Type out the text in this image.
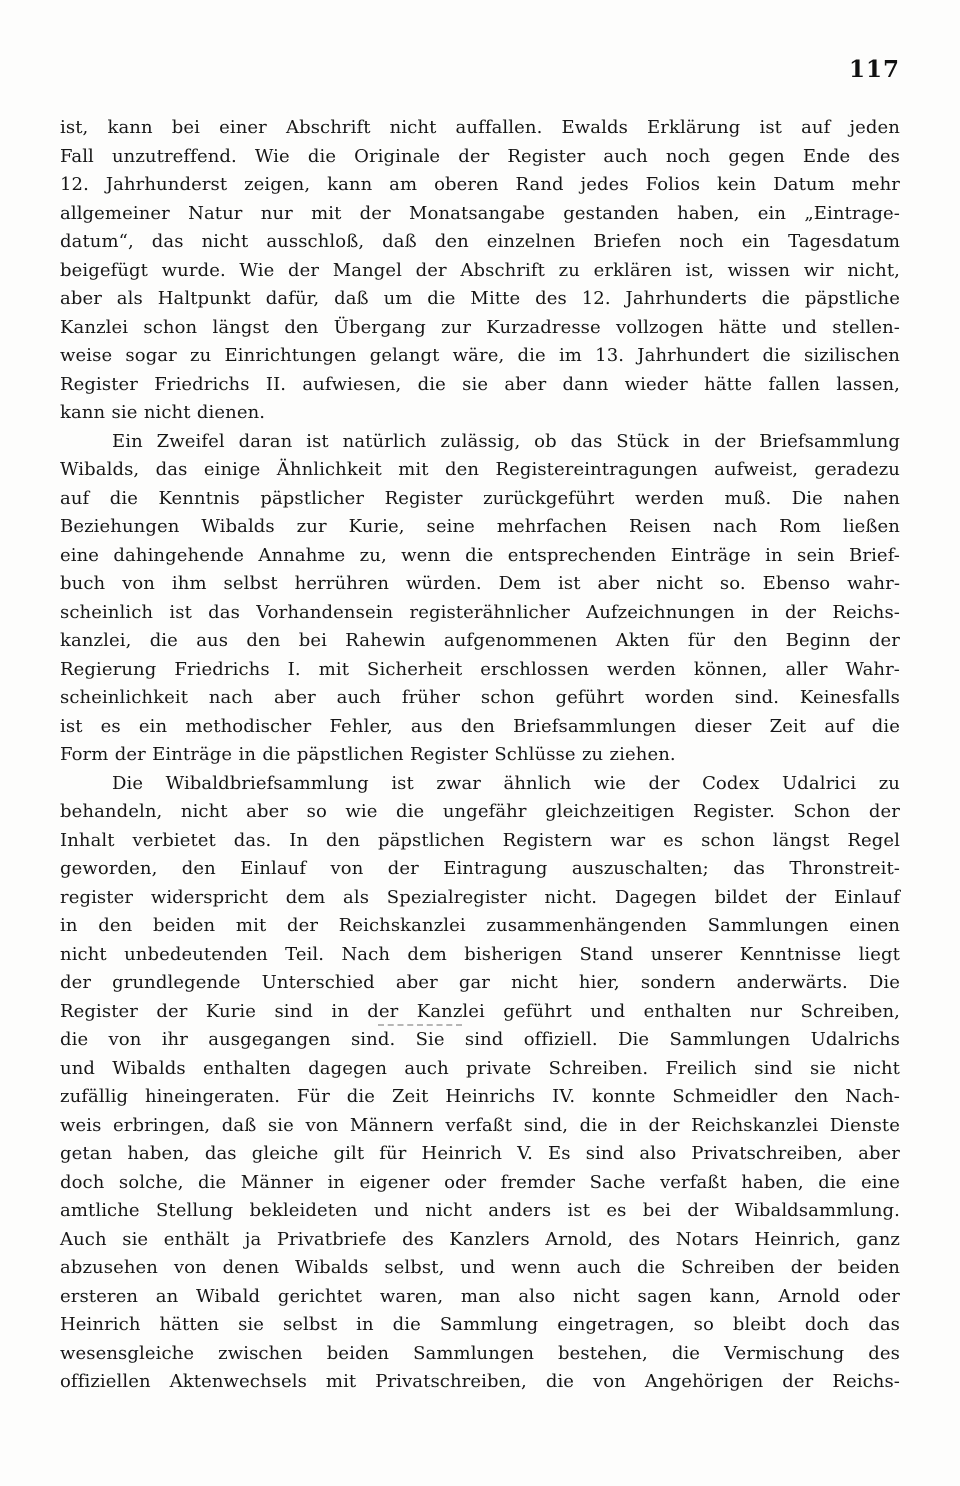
117
ist, kann bei einer Abschrift nicht auffallen. Ewalds Erklärung ist auf jeden
Fall unzutreffend. Wie die Originale der Register auch noch gegen Ende des
12. Jahrhunderst zeigen, kann am oberen Rand jedes Folios kein Datum mehr
allgemeiner Natur nur mit der Monatsangabe gestanden haben, ein „Eintrage-
datum“, das nicht ausschloß, daß den einzelnen Briefen noch ein Tagesdatum
beigefügt wurde. Wie der Mangel der Abschrift zu erklären ist, wissen wir nicht,
aber als Haltpunkt dafür, daß um die Mitte des 12. Jahrhunderts die päpstliche
Kanzlei schon längst den Übergang zur Kurzadresse vollzogen hätte und stellen-
weise sogar zu Einrichtungen gelangt wäre, die im 13. Jahrhundert die sizilischen
Register Friedrichs II. aufwiesen, die sie aber dann wieder hätte fallen lassen,
kann sie nicht dienen.
Ein Zweifel daran ist natürlich zulässig, ob das Stück in der Briefsammlung
Wibalds, das einige Ähnlichkeit mit den Registereintragungen aufweist, geradezu
auf die Kenntnis päpstlicher Register zurückgeführt werden muß. Die nahen
Beziehungen Wibalds zur Kurie, seine mehrfachen Reisen nach Rom ließen
eine dahingehende Annahme zu, wenn die entsprechenden Einträge in sein Brief-
buch von ihm selbst herrühren würden. Dem ist aber nicht so. Ebenso wahr-
scheinlich ist das Vorhandensein registerähnlicher Aufzeichnungen in der Reichs-
kanzlei, die aus den bei Rahewin aufgenommenen Akten für den Beginn der
Regierung Friedrichs I. mit Sicherheit erschlossen werden können, aller Wahr-
scheinlichkeit nach aber auch früher schon geführt worden sind. Keinesfalls
ist es ein methodischer Fehler, aus den Briefsammlungen dieser Zeit auf die
Form der Einträge in die päpstlichen Register Schlüsse zu ziehen.
Die Wibaldbriefsammlung ist zwar ähnlich wie der Codex Udalrici zu
behandeln, nicht aber so wie die ungefähr gleichzeitigen Register. Schon der
Inhalt verbietet das. In den päpstlichen Registern war es schon längst Regel
geworden, den Einlauf von der Eintragung auszuschalten; das Thronstreit-
register widerspricht dem als Spezialregister nicht. Dagegen bildet der Einlauf
in den beiden mit der Reichskanzlei zusammenhängenden Sammlungen einen
nicht unbedeutenden Teil. Nach dem bisherigen Stand unserer Kenntnisse liegt
der grundlegende Unterschied aber gar nicht hier, sondern anderwärts. Die
Register der Kurie sind in der Kanzlei geführt und enthalten nur Schreiben,
die von ihr ausgegangen sind. Sie sind offiziell. Die Sammlungen Udalrichs
und Wibalds enthalten dagegen auch private Schreiben. Freilich sind sie nicht
zufällig hineingeraten. Für die Zeit Heinrichs IV. konnte Schmeidler den Nach-
weis erbringen, daß sie von Männern verfaßt sind, die in der Reichskanzlei Dienste
getan haben, das gleiche gilt für Heinrich V. Es sind also Privatschreiben, aber
doch solche, die Männer in eigener oder fremder Sache verfaßt haben, die eine
amtliche Stellung bekleideten und nicht anders ist es bei der Wibaldsammlung.
Auch sie enthält ja Privatbriefe des Kanzlers Arnold, des Notars Heinrich, ganz
abzusehen von denen Wibalds selbst, und wenn auch die Schreiben der beiden
ersteren an Wibald gerichtet waren, man also nicht sagen kann, Arnold oder
Heinrich hätten sie selbst in die Sammlung eingetragen, so bleibt doch das
wesensgleiche zwischen beiden Sammlungen bestehen, die Vermischung des
offiziellen Aktenwechsels mit Privatschreiben, die von Angehörigen der Reichs-
